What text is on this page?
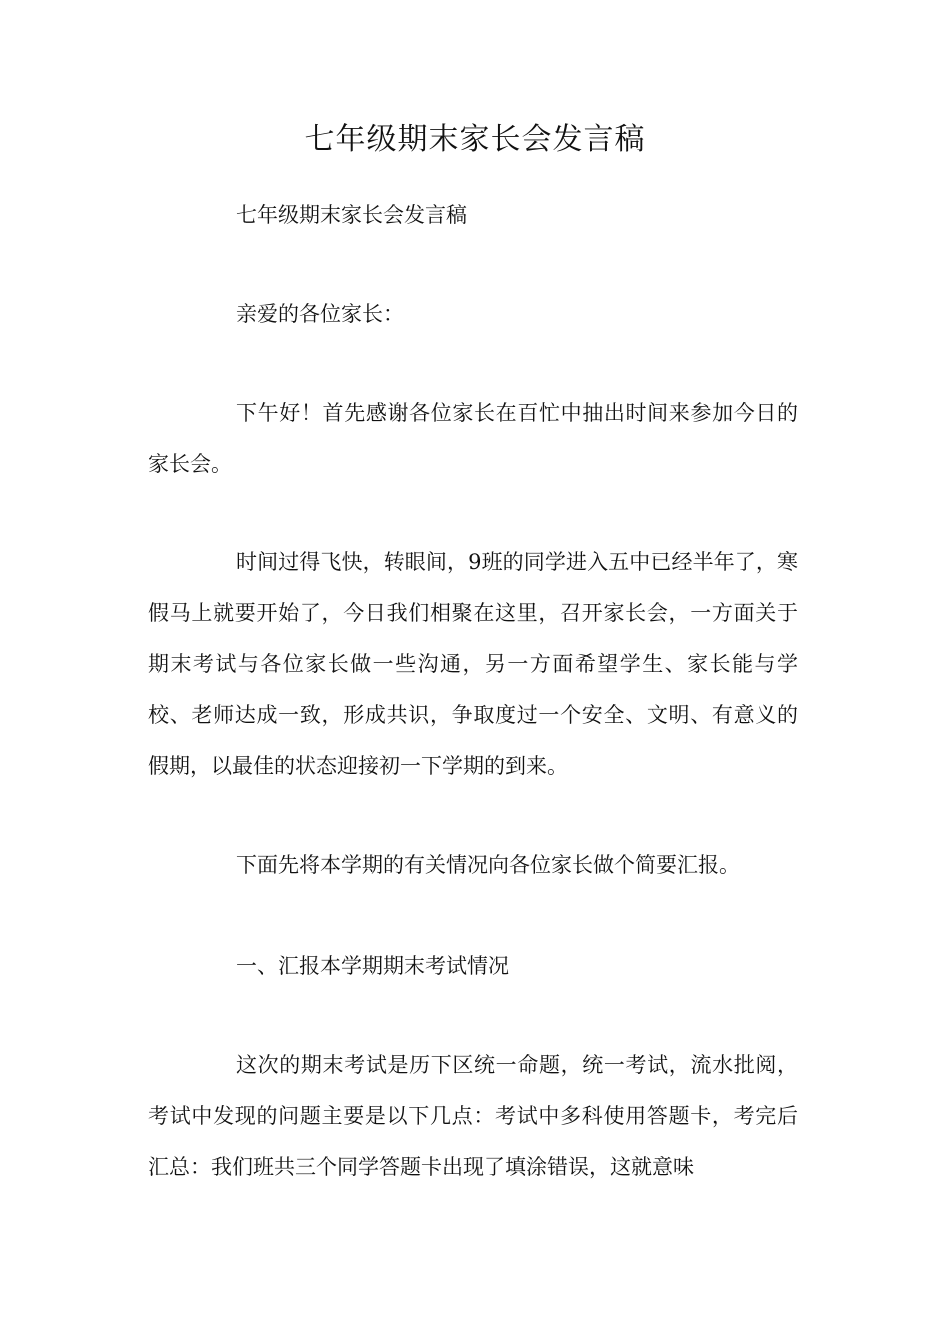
七年级期末家长会发言稿

七年级期末家长会发言稿

亲爱的各位家长：

下午好！首先感谢各位家长在百忙中抽出时间来参加今日的家长会。

时间过得飞快，转眼间，9班的同学进入五中已经半年了，寒假马上就要开始了，今日我们相聚在这里，召开家长会，一方面关于期末考试与各位家长做一些沟通，另一方面希望学生、家长能与学校、老师达成一致，形成共识，争取度过一个安全、文明、有意义的假期，以最佳的状态迎接初一下学期的到来。

下面先将本学期的有关情况向各位家长做个简要汇报。

一、汇报本学期期末考试情况

这次的期末考试是历下区统一命题，统一考试，流水批阅，考试中发现的问题主要是以下几点：考试中多科使用答题卡，考完后汇总：我们班共三个同学答题卡出现了填涂错误，这就意味
